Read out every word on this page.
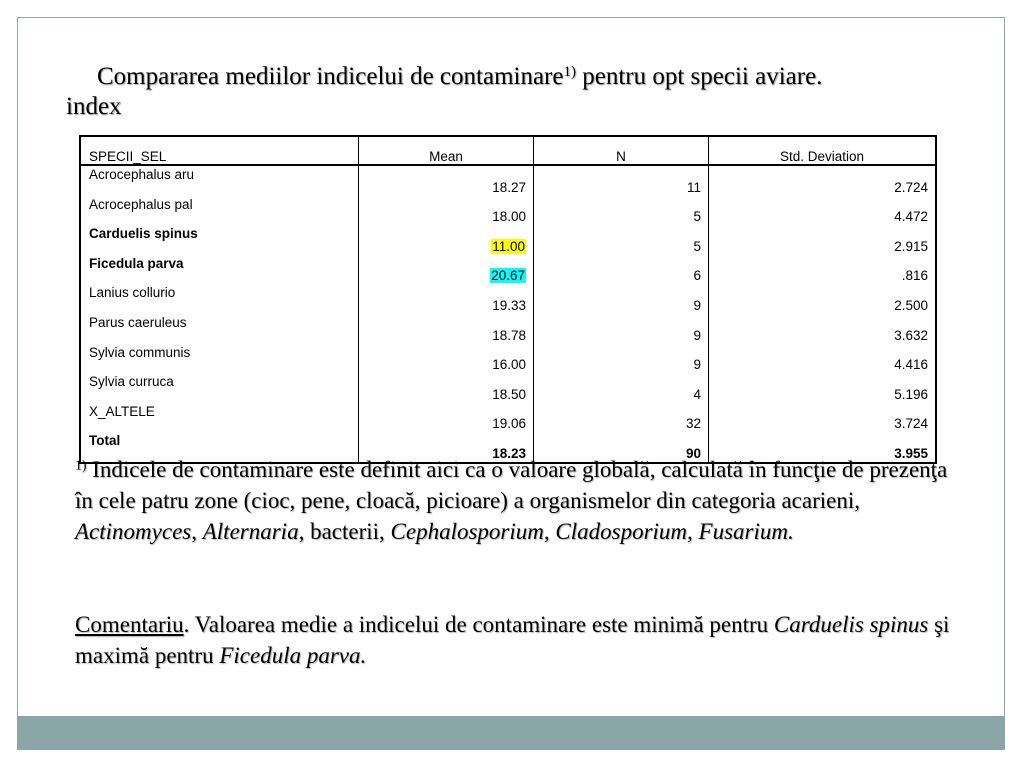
Compararea mediilor indicelui de contaminare$^{1)}$ pentru opt specii aviare.
index
SPECII_SEL	Mean	N	Std. Deviation
Acrocephalus aru	18.27	11	2.724
Acrocephalus pal	18.00	5	4.472
Carduelis spinus	11.00	5	2.915
Ficedula parva	20.67	6	.816
Lanius collurio	19.33	9	2.500
Parus caeruleus	18.78	9	3.632
Sylvia communis	16.00	9	4.416
Sylvia curruca	18.50	4	5.196
X_ALTELE	19.06	32	3.724
Total	18.23	90	3.955
$^{1)}$ Indicele de contaminare este definit aici ca o valoare globală, calculată în funcţie de prezenţa în cele patru zone (cioc, pene, cloacă, picioare) a organismelor din categoria acarieni, Actinomyces, Alternaria, bacterii, Cephalosporium, Cladosporium, Fusarium.
Comentariu. Valoarea medie a indicelui de contaminare este minimă pentru Carduelis spinus şi maximă pentru Ficedula parva.
